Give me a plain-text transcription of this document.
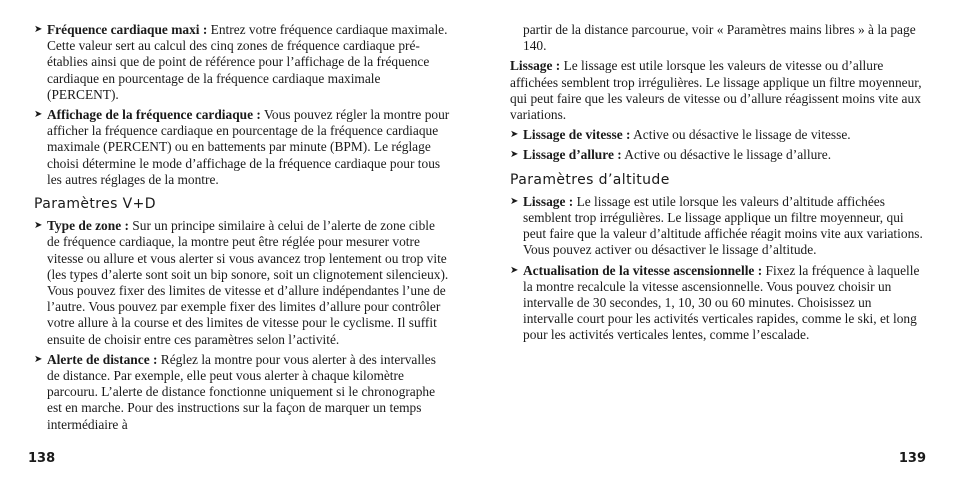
➤ Fréquence cardiaque maxi : Entrez votre fréquence cardiaque maximale. Cette valeur sert au calcul des cinq zones de fréquence cardiaque pré-établies ainsi que de point de référence pour l’affichage de la fréquence cardiaque en pourcentage de la fréquence cardiaque maximale (PERCENT).
➤ Affichage de la fréquence cardiaque : Vous pouvez régler la montre pour afficher la fréquence cardiaque en pourcentage de la fréquence cardiaque maximale (PERCENT) ou en battements par minute (BPM). Le réglage choisi détermine le mode d’affichage de la fréquence cardiaque pour tous les autres réglages de la montre.
Paramètres V+D
➤ Type de zone : Sur un principe similaire à celui de l’alerte de zone cible de fréquence cardiaque, la montre peut être réglée pour mesurer votre vitesse ou allure et vous alerter si vous avancez trop lentement ou trop vite (les types d’alerte sont soit un bip sonore, soit un clignotement silencieux). Vous pouvez fixer des limites de vitesse et d’allure indépendantes l’une de l’autre. Vous pouvez par exemple fixer des limites d’allure pour contrôler votre allure à la course et des limites de vitesse pour le cyclisme. Il suffit ensuite de choisir entre ces paramètres selon l’activité.
➤ Alerte de distance : Réglez la montre pour vous alerter à des intervalles de distance. Par exemple, elle peut vous alerter à chaque kilomètre parcouru. L’alerte de distance fonctionne uniquement si le chronographe est en marche. Pour des instructions sur la façon de marquer un temps intermédiaire à
partir de la distance parcourue, voir « Paramètres mains libres » à la page 140.
Lissage : Le lissage est utile lorsque les valeurs de vitesse ou d’allure affichées semblent trop irrégulières. Le lissage applique un filtre moyenneur, qui peut faire que les valeurs de vitesse ou d’allure réagissent moins vite aux variations.
➤ Lissage de vitesse : Active ou désactive le lissage de vitesse.
➤ Lissage d’allure : Active ou désactive le lissage d’allure.
Paramètres d’altitude
➤ Lissage : Le lissage est utile lorsque les valeurs d’altitude affichées semblent trop irrégulières. Le lissage applique un filtre moyenneur, qui peut faire que la valeur d’altitude affichée réagit moins vite aux variations. Vous pouvez activer ou désactiver le lissage d’altitude.
➤ Actualisation de la vitesse ascensionnelle : Fixez la fréquence à laquelle la montre recalcule la vitesse ascensionnelle. Vous pouvez choisir un intervalle de 30 secondes, 1, 10, 30 ou 60 minutes. Choisissez un intervalle court pour les activités verticales rapides, comme le ski, et long pour les activités verticales lentes, comme l’escalade.
138	139
